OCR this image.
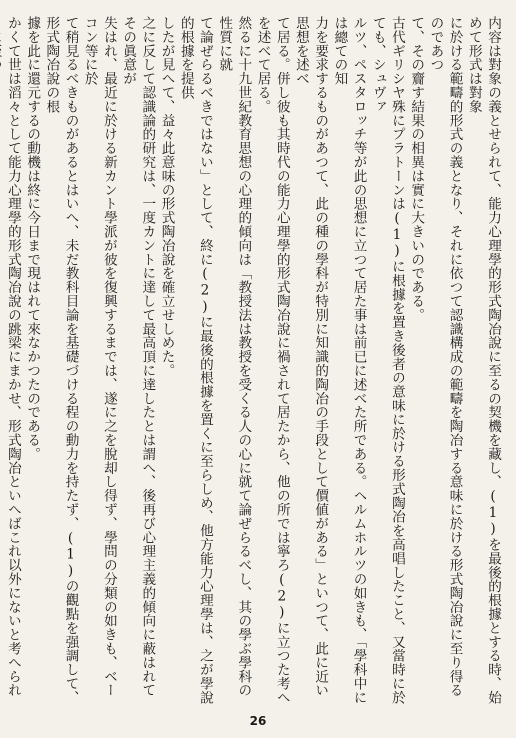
内容は對象の義とせられて、能力心理學的形式陶冶說に至るの契機を藏し、(1)を最後的根據とする時、始めて形式は對象
に於ける範疇的形式の義となり、それに依つて認識構成の範疇を陶冶する意味に於ける形式陶冶說に至り得るのであつ
て、その齎す結果の相異は實に大きいのである。
古代ギリシヤ殊にプラトーンは(1)に根據を置き後者の意味に於ける形式陶冶を高唱したこと、又當時に於ても、シュヴァ
ルツ、ペスタロッチ等が此の思想に立つて居た事は前已に述べた所である。ヘルムホルツの如きも、「學科中には總ての知
力を要求するものがあつて、此の種の學科が特別に知識的陶冶の手段として價値がある」といつて、此に近い思想を述べ
て居る。併し彼も其時代の能力心理學的形式陶冶說に禍されて居たから、他の所では寧ろ(2)に立つた考へを述べて居る。
然るに十九世紀教育思想の心理的傾向は「教授法は教授を受くる人の心に就て論ぜらるべし、其の學ぶ學科の性質に就
て論ぜらるべきではない」として、終に(2)に最後的根據を置くに至らしめ、他方能力心理學は、之が學說的根據を提供
したが見へて、益々此意味の形式陶冶說を確立せしめた。
之に反して認識論的研究は、一度カントに達して最高頂に達したとは謂へ、後再び心理主義的傾向に蔽はれてその眞意が
失はれ、最近に於ける新カント學派が彼を復興するまでは、遂に之を脫却し得ず、學問の分類の如きも、ベーコン等に於
て稍見るべきものがあるとはいへ、未だ教科目論を基礎づける程の動力を持たず、(1)の觀點を强調して、形式陶冶說の根
據を此に還元するの動機は終に今日まで現はれて來なかつたのである。
かくて世は滔々として能力心理學的形式陶冶說の跳梁にまかせ、形式陶冶といへばこれ以外にないと考へられ
26
